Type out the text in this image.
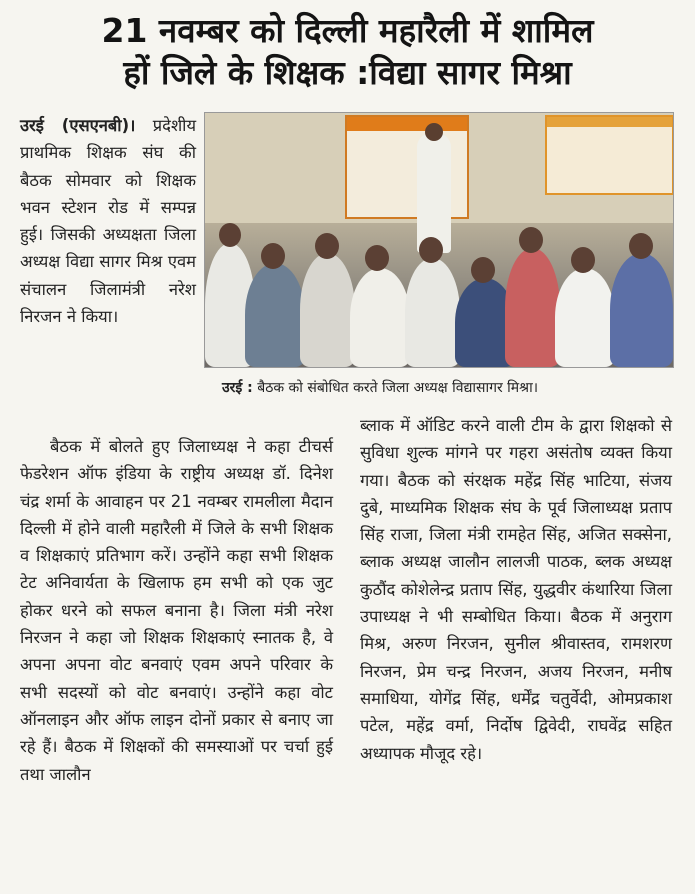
21 नवम्बर को दिल्ली महारैली में शामिल
हों जिले के शिक्षक :विद्या सागर मिश्रा

उरई (एसएनबी)। प्रदेशीय प्राथमिक शिक्षक संघ की बैठक सोमवार को शिक्षक भवन स्टेशन रोड में सम्पन्न हुई। जिसकी अध्यक्षता जिला अध्यक्ष विद्या सागर मिश्र एवम संचालन जिलामंत्री नरेश निरजन ने किया।

उरई : बैठक को संबोधित करते जिला अध्यक्ष विद्यासागर मिश्रा।

बैठक में बोलते हुए जिलाध्यक्ष ने कहा टीचर्स फेडरेशन ऑफ इंडिया के राष्ट्रीय अध्यक्ष डॉ. दिनेश चंद्र शर्मा के आवाहन पर 21 नवम्बर रामलीला मैदान दिल्ली में होने वाली महारैली में जिले के सभी शिक्षक व शिक्षकाएं प्रतिभाग करें। उन्होंने कहा सभी शिक्षक टेट अनिवार्यता के खिलाफ हम सभी को एक जुट होकर धरने को सफल बनाना है। जिला मंत्री नरेश निरजन ने कहा जो शिक्षक शिक्षकाएं स्नातक है, वे अपना अपना वोट बनवाएं एवम अपने परिवार के सभी सदस्यों को वोट बनवाएं। उन्होंने कहा वोट ऑनलाइन और ऑफ लाइन दोनों प्रकार से बनाए जा रहे हैं। बैठक में शिक्षकों की समस्याओं पर चर्चा हुई तथा जालौन

ब्लाक में ऑडिट करने वाली टीम के द्वारा शिक्षको से सुविधा शुल्क मांगने पर गहरा असंतोष व्यक्त किया गया। बैठक को संरक्षक महेंद्र सिंह भाटिया, संजय दुबे, माध्यमिक शिक्षक संघ के पूर्व जिलाध्यक्ष प्रताप सिंह राजा, जिला मंत्री रामहेत सिंह, अजित सक्सेना, ब्लाक अध्यक्ष जालौन लालजी पाठक, ब्लक अध्यक्ष कुठौंद कोशेलेन्द्र प्रताप सिंह, युद्धवीर कंथारिया जिला उपाध्यक्ष ने भी सम्बोधित किया। बैठक में अनुराग मिश्र, अरुण निरजन, सुनील श्रीवास्तव, रामशरण निरजन, प्रेम चन्द्र निरजन, अजय निरजन, मनीष समाधिया, योगेंद्र सिंह, धर्मेंद्र चतुर्वेदी, ओमप्रकाश पटेल, महेंद्र वर्मा, निर्दोष द्विवेदी, राघवेंद्र सहित अध्यापक मौजूद रहे।
